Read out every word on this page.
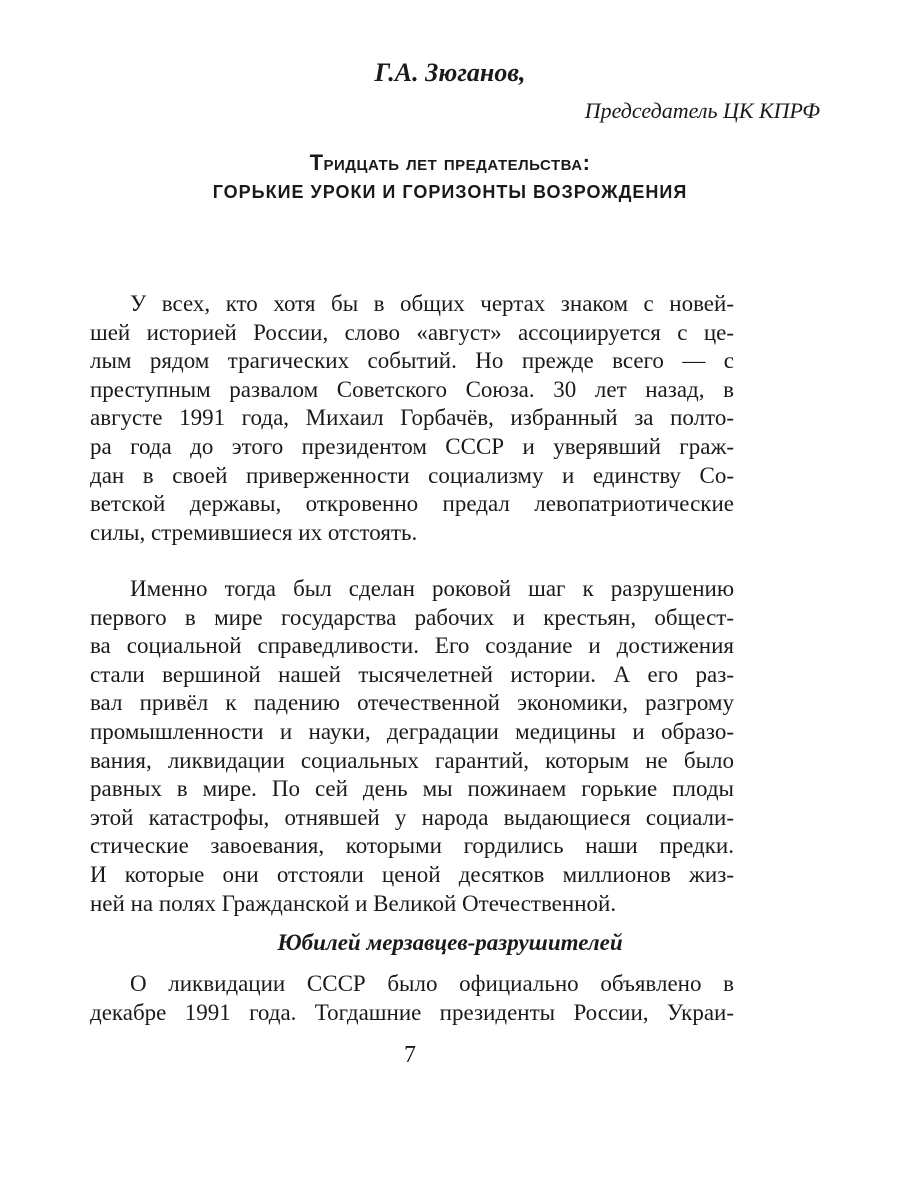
Г.А. Зюганов,
Председатель ЦК КПРФ
Тридцать лет предательства:
ГОРЬКИЕ УРОКИ И ГОРИЗОНТЫ ВОЗРОЖДЕНИЯ
У всех, кто хотя бы в общих чертах знаком с новей-
шей историей России, слово «август» ассоциируется с це-
лым рядом трагических событий. Но прежде всего — с
преступным развалом Советского Союза. 30 лет назад, в
августе 1991 года, Михаил Горбачёв, избранный за полто-
ра года до этого президентом СССР и уверявший граж-
дан в своей приверженности социализму и единству Со-
ветской державы, откровенно предал левопатриотические
силы, стремившиеся их отстоять.
Именно тогда был сделан роковой шаг к разрушению
первого в мире государства рабочих и крестьян, общест-
ва социальной справедливости. Его создание и достижения
стали вершиной нашей тысячелетней истории. А его раз-
вал привёл к падению отечественной экономики, разгрому
промышленности и науки, деградации медицины и образо-
вания, ликвидации социальных гарантий, которым не было
равных в мире. По сей день мы пожинаем горькие плоды
этой катастрофы, отнявшей у народа выдающиеся социали-
стические завоевания, которыми гордились наши предки.
И которые они отстояли ценой десятков миллионов жиз-
ней на полях Гражданской и Великой Отечественной.
Юбилей мерзавцев-разрушителей
О ликвидации СССР было официально объявлено в
декабре 1991 года. Тогдашние президенты России, Украи-
7
